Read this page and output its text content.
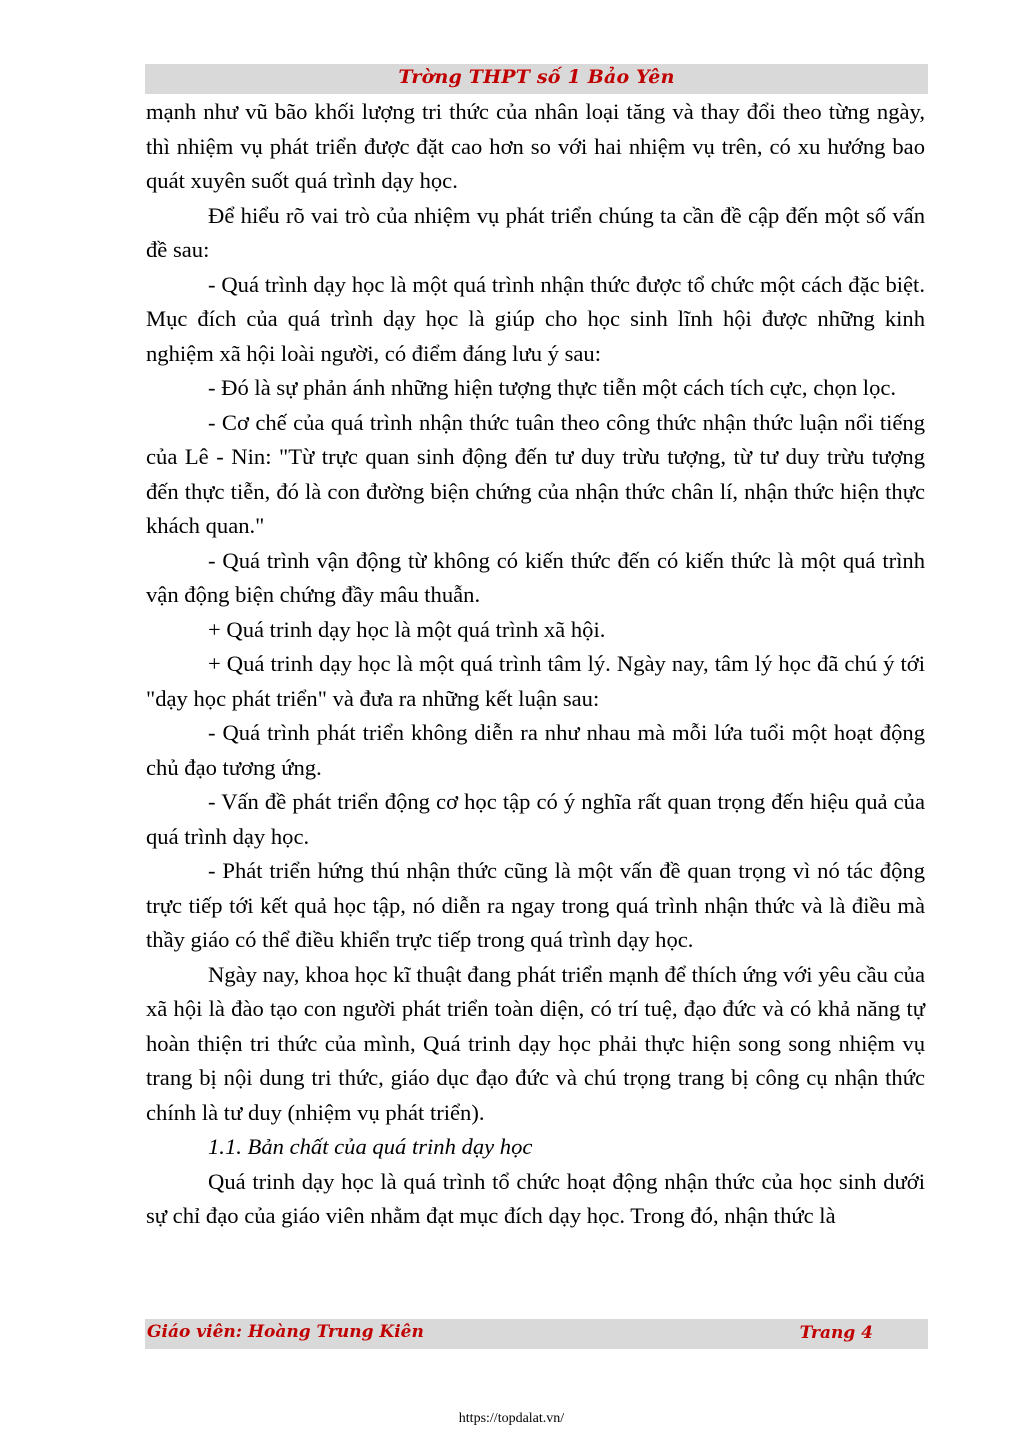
Trờng THPT số 1 Bảo Yên

mạnh như vũ bão khối lượng tri thức của nhân loại tăng và thay đổi theo từng ngày, thì nhiệm vụ phát triển được đặt cao hơn so với hai nhiệm vụ trên, có xu hướng bao quát xuyên suốt quá trình dạy học.

Để hiểu rõ vai trò của nhiệm vụ phát triển chúng ta cần đề cập đến một số vấn đề sau:

- Quá trình dạy học là một quá trình nhận thức được tổ chức một cách đặc biệt. Mục đích của quá trình dạy học là giúp cho học sinh lĩnh hội được những kinh nghiệm xã hội loài người, có điểm đáng lưu ý sau:

- Đó là sự phản ánh những hiện tượng thực tiễn một cách tích cực, chọn lọc.

- Cơ chế của quá trình nhận thức tuân theo công thức nhận thức luận nổi tiếng của Lê - Nin: "Từ trực quan sinh động đến tư duy trừu tượng, từ tư duy trừu tượng đến thực tiễn, đó là con đường biện chứng của nhận thức chân lí, nhận thức hiện thực khách quan."

- Quá trình vận động từ không có kiến thức đến có kiến thức là một quá trình vận động biện chứng đầy mâu thuẫn.

+ Quá trinh dạy học là một quá trình xã hội.

+ Quá trinh dạy học là một quá trình tâm lý. Ngày nay, tâm lý học đã chú ý tới "dạy học phát triển" và đưa ra những kết luận sau:

- Quá trình phát triển không diễn ra như nhau mà mỗi lứa tuổi một hoạt động chủ đạo tương ứng.

- Vấn đề phát triển động cơ học tập có ý nghĩa rất quan trọng đến hiệu quả của quá trình dạy học.

- Phát triển hứng thú nhận thức cũng là một vấn đề quan trọng vì nó tác động trực tiếp tới kết quả học tập, nó diễn ra ngay trong quá trình nhận thức và là điều mà thầy giáo có thể điều khiển trực tiếp trong quá trình dạy học.

Ngày nay, khoa học kĩ thuật đang phát triển mạnh để thích ứng với yêu cầu của xã hội là đào tạo con người phát triển toàn diện, có trí tuệ, đạo đức và có khả năng tự hoàn thiện tri thức của mình, Quá trinh dạy học phải thực hiện song song nhiệm vụ trang bị nội dung tri thức, giáo dục đạo đức và chú trọng trang bị công cụ nhận thức chính là tư duy (nhiệm vụ phát triển).

1.1. Bản chất của quá trinh dạy học

Quá trinh dạy học là quá trình tổ chức hoạt động nhận thức của học sinh dưới sự chỉ đạo của giáo viên nhằm đạt mục đích dạy học. Trong đó, nhận thức là

Giáo viên: Hoàng Trung Kiên	Trang 4
https://topdalat.vn/
